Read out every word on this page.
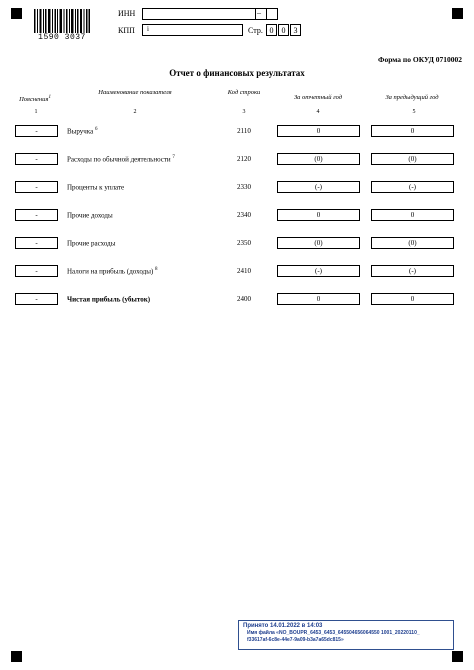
1590 3037
ИНН	–
КПП i	Стр. 0	0	3
Форма по ОКУД 0710002
Отчет о финансовых результатах
Пояснения$^1$
Наименование показателя	Код строки
За отчетный год	За предыдущий год
1	2	3	4	5
-	Выручка $^6$	2110	0	0
-	Расходы по обычной деятельности $^7$	2120	(0)	(0)
-	Проценты к уплате	2330	(-)	(-)
-	Прочие доходы	2340	0	0
-	Прочие расходы	2350	(0)	(0)
-	Налоги на прибыль (доходы) $^8$	2410	(-)	(-)
-	Чистая прибыль (убыток)	2400	0	0
Принято 14.01.2022 в 14:03
Имя файла «NO_BOUPR_6453_6453_645504656064550 1001_20220110_
f33617af-6c8e-44e7-9a09-b3a7a65dc815»
